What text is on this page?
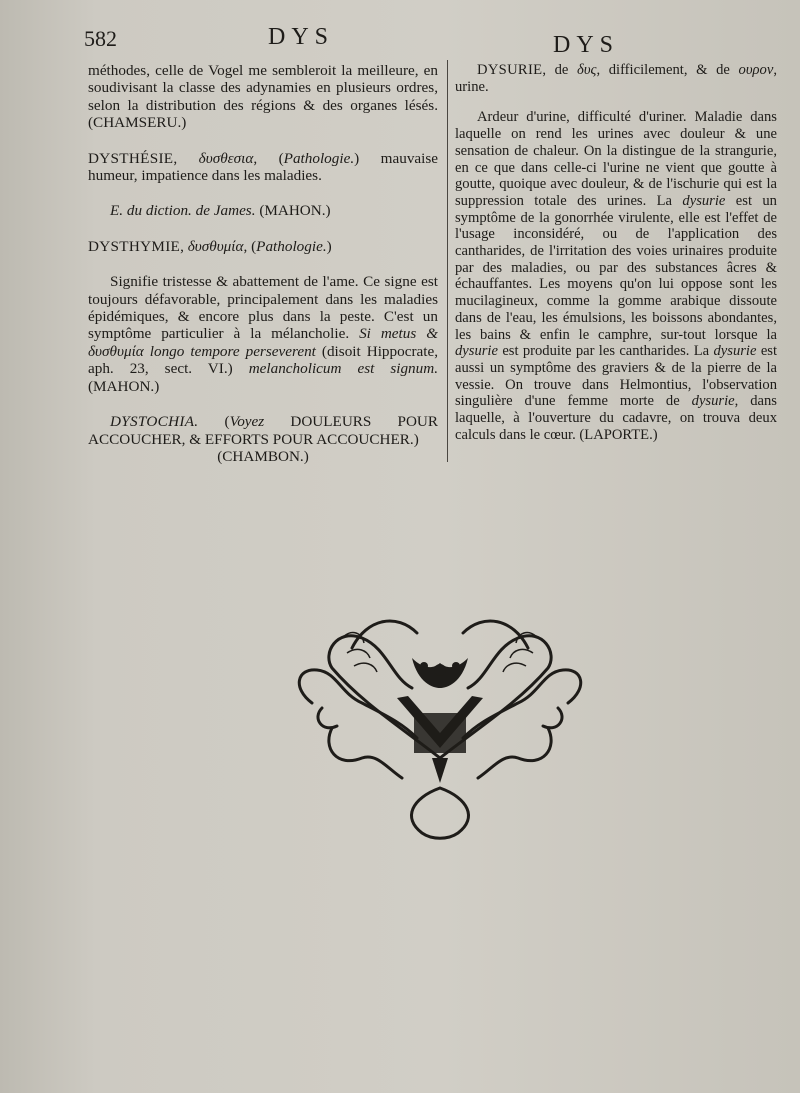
582	DYS	DYS

méthodes, celle de Vogel me sembleroit la meilleure, en soudivisant la classe des adynamies en plusieurs ordres, selon la distribution des régions & des organes lésés. (CHAMSERU.)

DYSTHÉSIE, δυσθεσια, (Pathologie.) mauvaise humeur, impatience dans les maladies.

E. du diction. de James. (MAHON.)

DYSTHYMIE, δυσθυμία, (Pathologie.)

Signifie tristesse & abattement de l'ame. Ce signe est toujours défavorable, principalement dans les maladies épidémiques, & encore plus dans la peste. C'est un symptôme particulier à la mélancholie. Si metus & δυσθυμία longo tempore perseverent (disoit Hippocrate, aph. 23, sect. VI.) melancholicum est signum. (MAHON.)

DYSTOCHIA. (Voyez DOULEURS POUR ACCOUCHER, & EFFORTS POUR ACCOUCHER.)

(CHAMBON.)

DYSURIE, de δυς, difficilement, & de ουρον, urine.

Ardeur d'urine, difficulté d'uriner. Maladie dans laquelle on rend les urines avec douleur & une sensation de chaleur. On la distingue de la strangurie, en ce que dans celle-ci l'urine ne vient que goutte à goutte, quoique avec douleur, & de l'ischurie qui est la suppression totale des urines. La dysurie est un symptôme de la gonorrhée virulente, elle est l'effet de l'usage inconsidéré, ou de l'application des cantharides, de l'irritation des voies urinaires produite par des maladies, ou par des substances âcres & échauffantes. Les moyens qu'on lui oppose sont les mucilagineux, comme la gomme arabique dissoute dans de l'eau, les émulsions, les boissons abondantes, les bains & enfin le camphre, sur-tout lorsque la dysurie est produite par les cantharides. La dysurie est aussi un symptôme des graviers & de la pierre de la vessie. On trouve dans Helmontius, l'observation singulière d'une femme morte de dysurie, dans laquelle, à l'ouverture du cadavre, on trouva deux calculs dans le cœur. (LAPORTE.)
